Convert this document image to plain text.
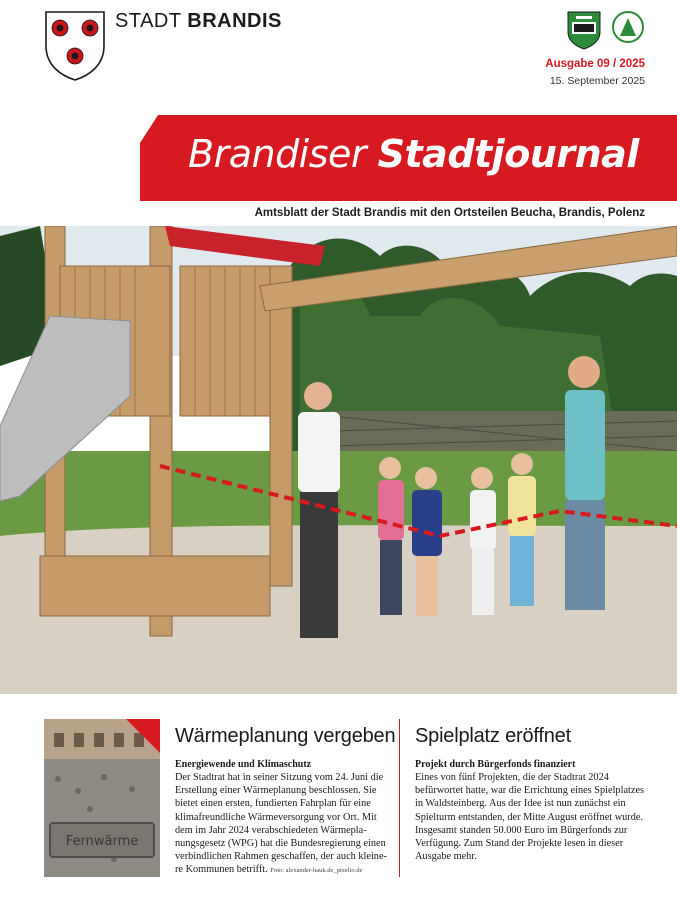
STADT BRANDIS
Ausgabe 09 / 2025
15. September 2025
Brandiser Stadtjournal
Amtsblatt der Stadt Brandis mit den Ortsteilen Beucha, Brandis, Polenz
Fernwärme
Wärmeplanung vergeben
Energiewende und Klimaschutz
Der Stadtrat hat in seiner Sitzung vom 24. Juni die Erstellung einer Wärmeplanung beschlossen. Sie bietet einen ersten, fundierten Fahrplan für eine klimafreundliche Wärmeversorgung vor Ort. Mit dem im Jahr 2024 verabschiedeten Wärmepla-nungsgesetz (WPG) hat die Bundesregierung einen verbindlichen Rahmen geschaffen, der auch kleine-re Kommunen betrifft. Foto: alexander-hauk.de_pixelio.de
Spielplatz eröffnet
Projekt durch Bürgerfonds finanziert
Eines von fünf Projekten, die der Stadtrat 2024 befürwortet hatte, war die Errichtung eines Spielplatzes in Waldsteinberg. Aus der Idee ist nun zunächst ein Spielturm entstanden, der Mitte August eröffnet wurde. Insgesamt standen 50.000 Euro im Bürgerfonds zur Verfügung. Zum Stand der Projekte lesen in dieser Ausgabe mehr.
